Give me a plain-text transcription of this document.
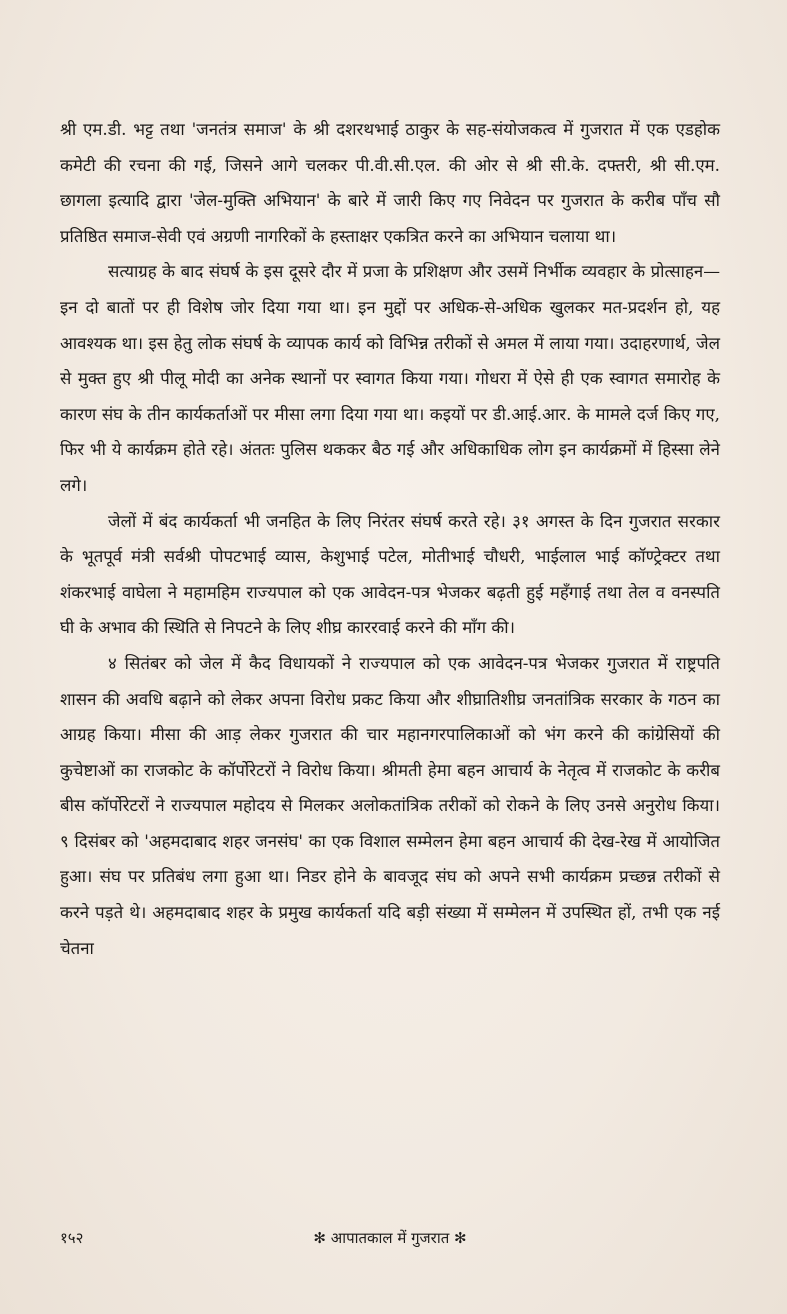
श्री एम.डी. भट्ट तथा 'जनतंत्र समाज' के श्री दशरथभाई ठाकुर के सह-संयोजकत्व में गुजरात में एक एडहोक कमेटी की रचना की गई, जिसने आगे चलकर पी.वी.सी.एल. की ओर से श्री सी.के. दफ्तरी, श्री सी.एम. छागला इत्यादि द्वारा 'जेल-मुक्ति अभियान' के बारे में जारी किए गए निवेदन पर गुजरात के करीब पाँच सौ प्रतिष्ठित समाज-सेवी एवं अग्रणी नागरिकों के हस्ताक्षर एकत्रित करने का अभियान चलाया था।

सत्याग्रह के बाद संघर्ष के इस दूसरे दौर में प्रजा के प्रशिक्षण और उसमें निर्भीक व्यवहार के प्रोत्साहन—इन दो बातों पर ही विशेष जोर दिया गया था। इन मुद्दों पर अधिक-से-अधिक खुलकर मत-प्रदर्शन हो, यह आवश्यक था। इस हेतु लोक संघर्ष के व्यापक कार्य को विभिन्न तरीकों से अमल में लाया गया। उदाहरणार्थ, जेल से मुक्त हुए श्री पीलू मोदी का अनेक स्थानों पर स्वागत किया गया। गोधरा में ऐसे ही एक स्वागत समारोह के कारण संघ के तीन कार्यकर्ताओं पर मीसा लगा दिया गया था। कइयों पर डी.आई.आर. के मामले दर्ज किए गए, फिर भी ये कार्यक्रम होते रहे। अंततः पुलिस थककर बैठ गई और अधिकाधिक लोग इन कार्यक्रमों में हिस्सा लेने लगे।

जेलों में बंद कार्यकर्ता भी जनहित के लिए निरंतर संघर्ष करते रहे। ३१ अगस्त के दिन गुजरात सरकार के भूतपूर्व मंत्री सर्वश्री पोपटभाई व्यास, केशुभाई पटेल, मोतीभाई चौधरी, भाईलाल भाई कॉण्ट्रेक्टर तथा शंकरभाई वाघेला ने महामहिम राज्यपाल को एक आवेदन-पत्र भेजकर बढ़ती हुई महँगाई तथा तेल व वनस्पति घी के अभाव की स्थिति से निपटने के लिए शीघ्र काररवाई करने की माँग की।

४ सितंबर को जेल में कैद विधायकों ने राज्यपाल को एक आवेदन-पत्र भेजकर गुजरात में राष्ट्रपति शासन की अवधि बढ़ाने को लेकर अपना विरोध प्रकट किया और शीघ्रातिशीघ्र जनतांत्रिक सरकार के गठन का आग्रह किया। मीसा की आड़ लेकर गुजरात की चार महानगरपालिकाओं को भंग करने की कांग्रेसियों की कुचेष्टाओं का राजकोट के कॉर्पोरेटरों ने विरोध किया। श्रीमती हेमा बहन आचार्य के नेतृत्व में राजकोट के करीब बीस कॉर्पोरेटरों ने राज्यपाल महोदय से मिलकर अलोकतांत्रिक तरीकों को रोकने के लिए उनसे अनुरोध किया। ९ दिसंबर को 'अहमदाबाद शहर जनसंघ' का एक विशाल सम्मेलन हेमा बहन आचार्य की देख-रेख में आयोजित हुआ। संघ पर प्रतिबंध लगा हुआ था। निडर होने के बावजूद संघ को अपने सभी कार्यक्रम प्रच्छन्न तरीकों से करने पड़ते थे। अहमदाबाद शहर के प्रमुख कार्यकर्ता यदि बड़ी संख्या में सम्मेलन में उपस्थित हों, तभी एक नई चेतना

१५२	✻ आपातकाल में गुजरात ✻
